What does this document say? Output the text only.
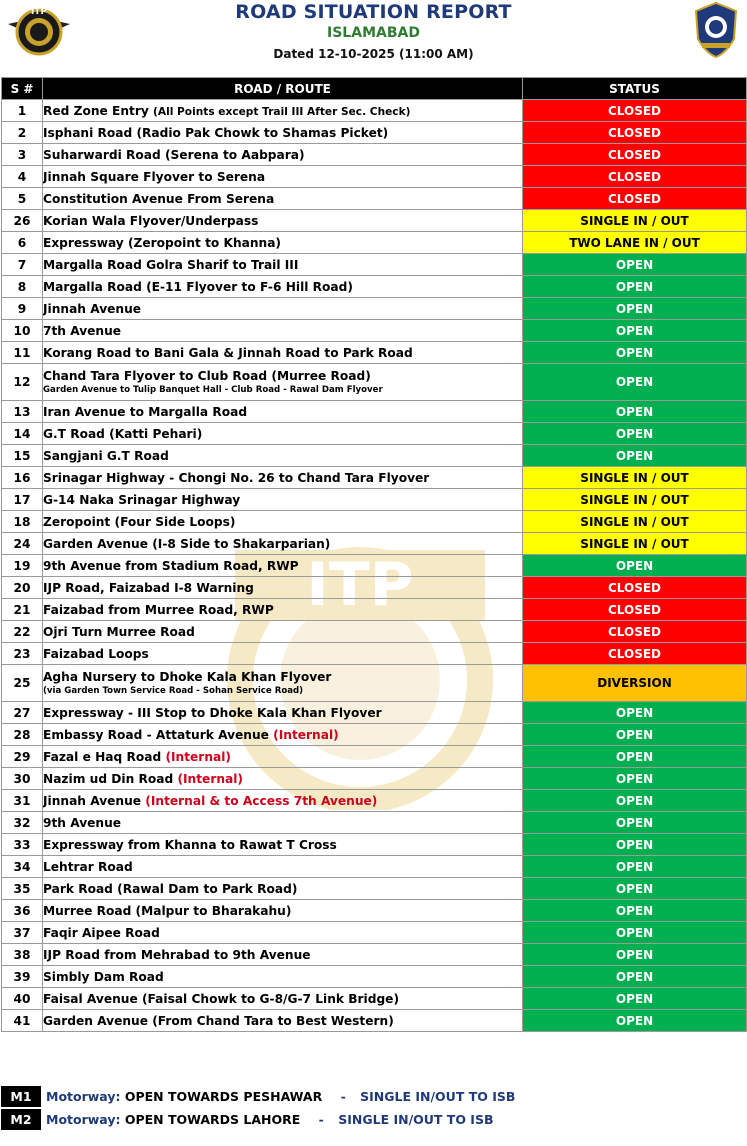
ITP	ROAD SITUATION REPORT
ISLAMABAD
Dated 12-10-2025 (11:00 AM)
ITP
S #	ROAD / ROUTE	STATUS
1	Red Zone Entry (All Points except Trail III After Sec. Check)	CLOSED
2	Isphani Road (Radio Pak Chowk to Shamas Picket)	CLOSED
3	Suharwardi Road (Serena to Aabpara)	CLOSED
4	Jinnah Square Flyover to Serena	CLOSED
5	Constitution Avenue From Serena	CLOSED
26	Korian Wala Flyover/Underpass	SINGLE IN / OUT
6	Expressway (Zeropoint to Khanna)	TWO LANE IN / OUT
7	Margalla Road Golra Sharif to Trail III	OPEN
8	Margalla Road (E-11 Flyover to F-6 Hill Road)	OPEN
9	Jinnah Avenue	OPEN
10	7th Avenue	OPEN
11	Korang Road to Bani Gala & Jinnah Road to Park Road	OPEN
12	Chand Tara Flyover to Club Road (Murree Road)
Garden Avenue to Tulip Banquet Hall - Club Road - Rawal Dam Flyover	OPEN
13	Iran Avenue to Margalla Road	OPEN
14	G.T Road (Katti Pehari)	OPEN
15	Sangjani G.T Road	OPEN
16	Srinagar Highway - Chongi No. 26 to Chand Tara Flyover	SINGLE IN / OUT
17	G-14 Naka Srinagar Highway	SINGLE IN / OUT
18	Zeropoint (Four Side Loops)	SINGLE IN / OUT
24	Garden Avenue (I-8 Side to Shakarparian)	SINGLE IN / OUT
19	9th Avenue from Stadium Road, RWP	OPEN
20	IJP Road, Faizabad I-8 Warning	CLOSED
21	Faizabad from Murree Road, RWP	CLOSED
22	Ojri Turn Murree Road	CLOSED
23	Faizabad Loops	CLOSED
25	Agha Nursery to Dhoke Kala Khan Flyover
(via Garden Town Service Road - Sohan Service Road)	DIVERSION
27	Expressway - III Stop to Dhoke Kala Khan Flyover	OPEN
28	Embassy Road - Attaturk Avenue (Internal)	OPEN
29	Fazal e Haq Road (Internal)	OPEN
30	Nazim ud Din Road (Internal)	OPEN
31	Jinnah Avenue (Internal & to Access 7th Avenue)	OPEN
32	9th Avenue	OPEN
33	Expressway from Khanna to Rawat T Cross	OPEN
34	Lehtrar Road	OPEN
35	Park Road (Rawal Dam to Park Road)	OPEN
36	Murree Road (Malpur to Bharakahu)	OPEN
37	Faqir Aipee Road	OPEN
38	IJP Road from Mehrabad to 9th Avenue	OPEN
39	Simbly Dam Road	OPEN
40	Faisal Avenue (Faisal Chowk to G-8/G-7 Link Bridge)	OPEN
41	Garden Avenue (From Chand Tara to Best Western)	OPEN
M1	Motorway: OPEN TOWARDS PESHAWAR - SINGLE IN/OUT TO ISB
M2	Motorway: OPEN TOWARDS LAHORE - SINGLE IN/OUT TO ISB
